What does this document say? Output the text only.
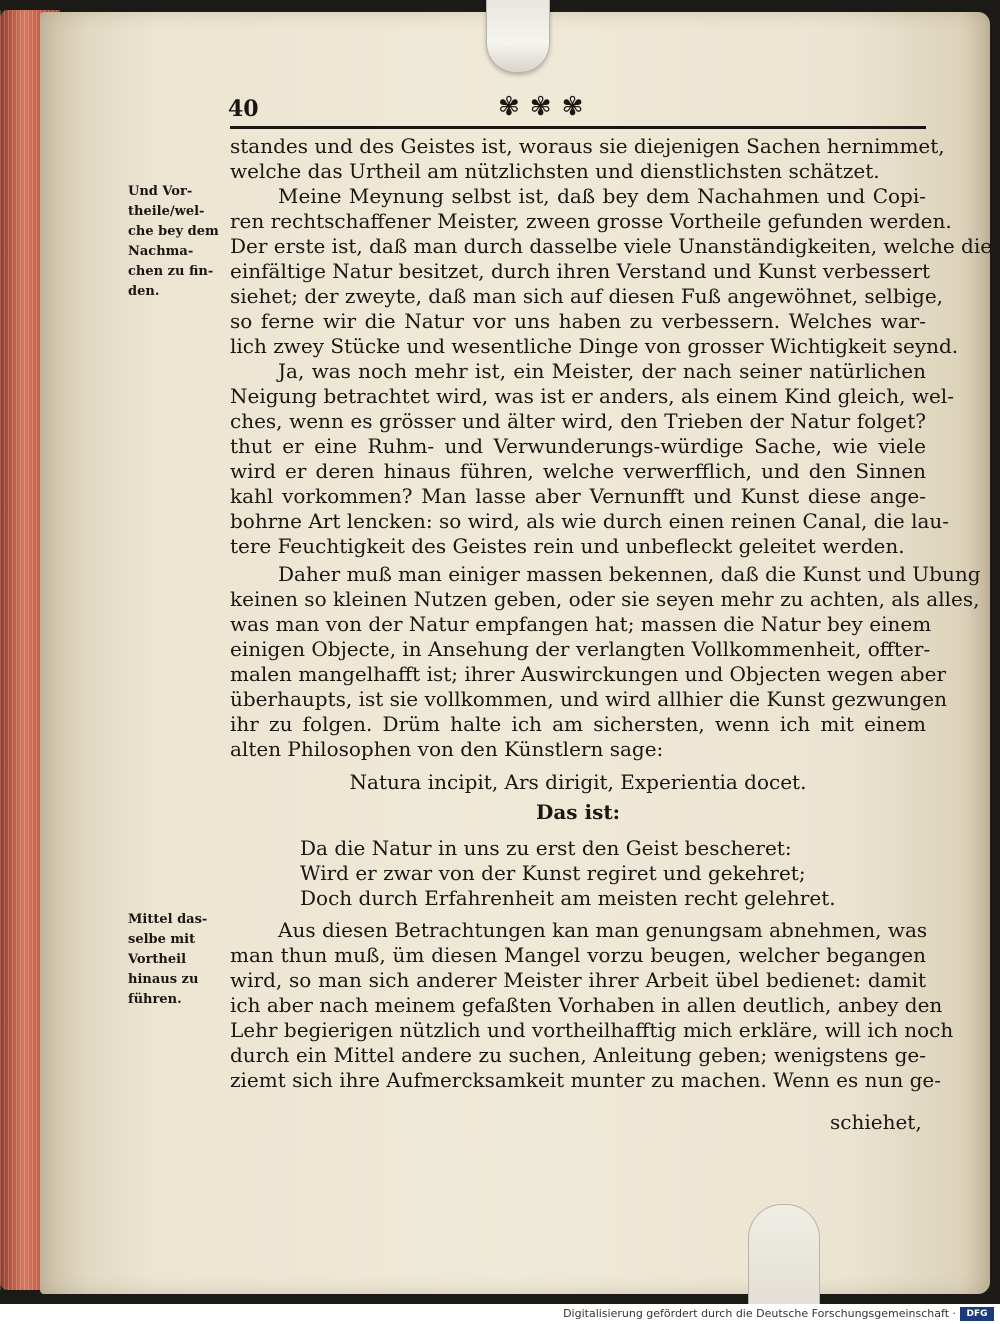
40	✾✾✾
Und Vor-
theile/wel-
che bey dem
Nachma-
chen zu fin-
den.
Mittel das-
selbe mit
Vortheil
hinaus zu
führen.
standes und des Geistes ist, woraus sie diejenigen Sachen hernimmet,
welche das Urtheil am nützlichsten und dienstlichsten schätzet.
Meine Meynung selbst ist, daß bey dem Nachahmen und Copi-
ren rechtschaffener Meister, zween grosse Vortheile gefunden werden.
Der erste ist, daß man durch dasselbe viele Unanständigkeiten, welche die
einfältige Natur besitzet, durch ihren Verstand und Kunst verbessert
siehet; der zweyte, daß man sich auf diesen Fuß angewöhnet, selbige,
so ferne wir die Natur vor uns haben zu verbessern. Welches war-
lich zwey Stücke und wesentliche Dinge von grosser Wichtigkeit seynd.
Ja, was noch mehr ist, ein Meister, der nach seiner natürlichen
Neigung betrachtet wird, was ist er anders, als einem Kind gleich, wel-
ches, wenn es grösser und älter wird, den Trieben der Natur folget?
thut er eine Ruhm- und Verwunderungs-würdige Sache, wie viele
wird er deren hinaus führen, welche verwerfflich, und den Sinnen
kahl vorkommen? Man lasse aber Vernunfft und Kunst diese ange-
bohrne Art lencken: so wird, als wie durch einen reinen Canal, die lau-
tere Feuchtigkeit des Geistes rein und unbefleckt geleitet werden.
Daher muß man einiger massen bekennen, daß die Kunst und Ubung
keinen so kleinen Nutzen geben, oder sie seyen mehr zu achten, als alles,
was man von der Natur empfangen hat; massen die Natur bey einem
einigen Objecte, in Ansehung der verlangten Vollkommenheit, offter-
malen mangelhafft ist; ihrer Auswirckungen und Objecten wegen aber
überhaupts, ist sie vollkommen, und wird allhier die Kunst gezwungen
ihr zu folgen. Drüm halte ich am sichersten, wenn ich mit einem
alten Philosophen von den Künstlern sage:
Natura incipit, Ars dirigit, Experientia docet.
Das ist:
Da die Natur in uns zu erst den Geist bescheret:
Wird er zwar von der Kunst regiret und gekehret;
Doch durch Erfahrenheit am meisten recht gelehret.
Aus diesen Betrachtungen kan man genungsam abnehmen, was
man thun muß, üm diesen Mangel vorzu beugen, welcher begangen
wird, so man sich anderer Meister ihrer Arbeit übel bedienet: damit
ich aber nach meinem gefaßten Vorhaben in allen deutlich, anbey den
Lehr begierigen nützlich und vortheilhafftig mich erkläre, will ich noch
durch ein Mittel andere zu suchen, Anleitung geben; wenigstens ge-
ziemt sich ihre Aufmercksamkeit munter zu machen. Wenn es nun ge-
schiehet,
Digitalisierung gefördert durch die Deutsche Forschungsgemeinschaft ·	DFG
